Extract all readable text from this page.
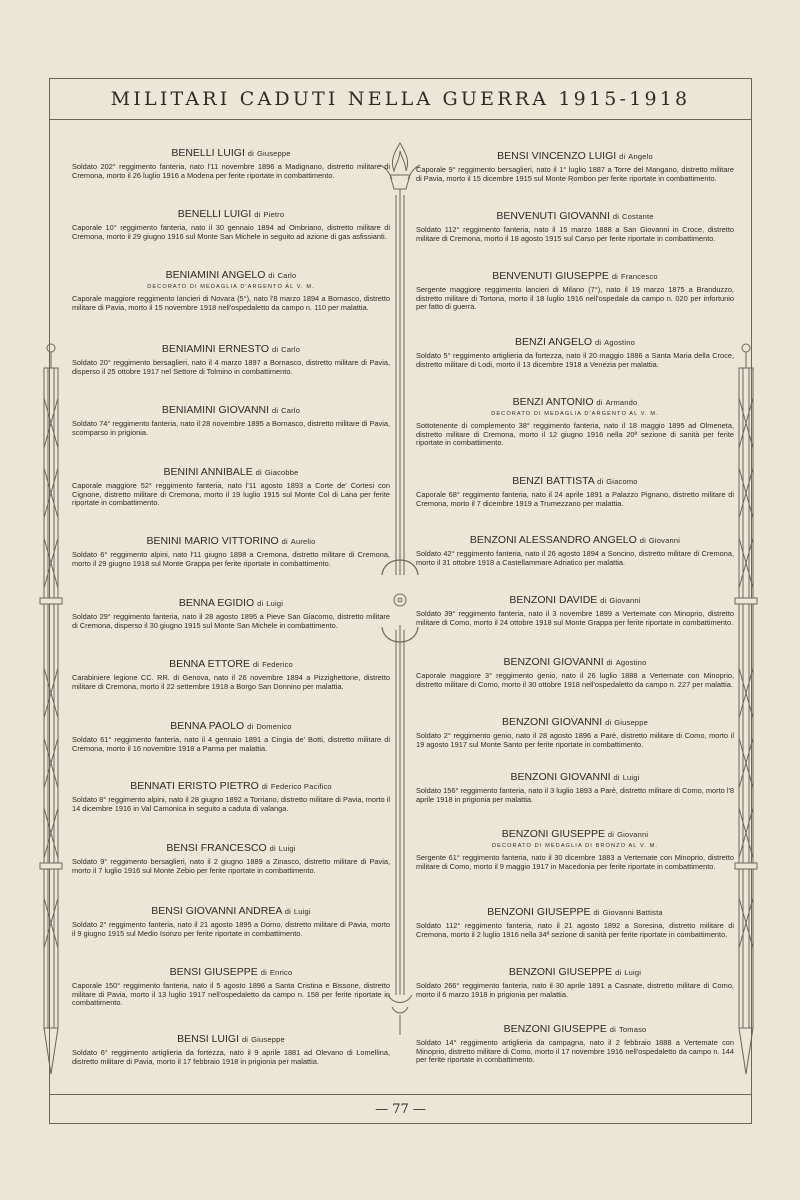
MILITARI CADUTI NELLA GUERRA 1915-1918

BENELLI LUIGI di Giuseppe

Soldato 202° reggimento fanteria, nato l'11 novembre 1896 a Madignano, distretto militare di Cremona, morto il 26 luglio 1916 a Modena per ferite riportate in combattimento.

BENELLI LUIGI di Pietro

Caporale 10° reggimento fanteria, nato il 30 gennaio 1894 ad Ombriano, distretto militare di Cremona, morto il 29 giugno 1916 sul Monte San Michele in seguito ad azione di gas asfissianti.

BENIAMINI ANGELO di Carlo

DECORATO DI MEDAGLIA D'ARGENTO AL V. M.

Caporale maggiore reggimento lancieri di Novara (5°), nato l'8 marzo 1894 a Bornasco, distretto militare di Pavia, morto il 15 novembre 1918 nell'ospedaletto da campo n. 110 per malattia.

BENIAMINI ERNESTO di Carlo

Soldato 20° reggimento bersaglieri, nato il 4 marzo 1897 a Bornasco, distretto militare di Pavia, disperso il 25 ottobre 1917 nel Settore di Tolmino in combattimento.

BENIAMINI GIOVANNI di Carlo

Soldato 74° reggimento fanteria, nato il 28 novembre 1895 a Bornasco, distretto militare di Pavia, scomparso in prigionia.

BENINI ANNIBALE di Giacobbe

Caporale maggiore 52° reggimento fanteria, nato l'11 agosto 1893 a Corte de' Cortesi con Cignone, distretto militare di Cremona, morto il 19 luglio 1915 sul Monte Col di Lana per ferite riportate in combattimento.

BENINI MARIO VITTORINO di Aurelio

Soldato 6° reggimento alpini, nato l'11 giugno 1898 a Cremona, distretto militare di Cremona, morto il 29 giugno 1918 sul Monte Grappa per ferite riportate in combattimento.

BENNA EGIDIO di Luigi

Soldato 29° reggimento fanteria, nato il 28 agosto 1895 a Pieve San Giacomo, distretto militare di Cremona, disperso il 30 giugno 1915 sul Monte San Michele in combattimento.

BENNA ETTORE di Federico

Carabiniere legione CC. RR. di Genova, nato il 26 novembre 1894 a Pizzighettone, distretto militare di Cremona, morto il 22 settembre 1918 a Borgo San Donnino per malattia.

BENNA PAOLO di Domenico

Soldato 61° reggimento fanteria, nato il 4 gennaio 1891 a Cingia de' Botti, distretto militare di Cremona, morto il 16 novembre 1918 a Parma per malattia.

BENNATI ERISTO PIETRO di Federico Pacifico

Soldato 8° reggimento alpini, nato il 28 giugno 1892 a Torriano, distretto militare di Pavia, morto il 14 dicembre 1916 in Val Camonica in seguito a caduta di valanga.

BENSI FRANCESCO di Luigi

Soldato 9° reggimento bersaglieri, nato il 2 giugno 1889 a Zinasco, distretto militare di Pavia, morto il 7 luglio 1916 sul Monte Zebio per ferite riportate in combattimento.

BENSI GIOVANNI ANDREA di Luigi

Soldato 2° reggimento fanteria, nato il 21 agosto 1895 a Dorno, distretto militare di Pavia, morto il 9 giugno 1915 sul Medio Isonzo per ferite riportate in combattimento.

BENSI GIUSEPPE di Enrico

Caporale 150° reggimento fanteria, nato il 5 agosto 1896 a Santa Cristina e Bissone, distretto militare di Pavia, morto il 13 luglio 1917 nell'ospedaletto da campo n. 158 per ferite riportate in combattimento.

BENSI LUIGI di Giuseppe

Soldato 6° reggimento artiglieria da fortezza, nato il 9 aprile 1881 ad Olevano di Lomellina, distretto militare di Pavia, morto il 17 febbraio 1918 in prigionia per malattia.

BENSI VINCENZO LUIGI di Angelo

Caporale 9° reggimento bersaglieri, nato il 1° luglio 1887 a Torre del Mangano, distretto militare di Pavia, morto il 15 dicembre 1915 sul Monte Rombon per ferite riportate in combattimento.

BENVENUTI GIOVANNI di Costante

Soldato 112° reggimento fanteria, nato il 15 marzo 1888 a San Giovanni in Croce, distretto militare di Cremona, morto il 18 agosto 1915 sul Carso per ferite riportate in combattimento.

BENVENUTI GIUSEPPE di Francesco

Sergente maggiore reggimento lancieri di Milano (7°), nato il 19 marzo 1875 a Branduzzo, distretto militare di Tortona, morto il 18 luglio 1916 nell'ospedale da campo n. 020 per infortunio per fatto di guerra.

BENZI ANGELO di Agostino

Soldato 5° reggimento artiglieria da fortezza, nato il 20 maggio 1886 a Santa Maria della Croce, distretto militare di Lodi, morto il 13 dicembre 1918 a Venezia per malattia.

BENZI ANTONIO di Armando

DECORATO DI MEDAGLIA D'ARGENTO AL V. M.

Sottotenente di complemento 38° reggimento fanteria, nato il 18 maggio 1895 ad Olmeneta, distretto militare di Cremona, morto il 12 giugno 1916 nella 20ª sezione di sanità per ferite riportate in combattimento.

BENZI BATTISTA di Giacomo

Caporale 68° reggimento fanteria, nato il 24 aprile 1891 a Palazzo Pignano, distretto militare di Cremona, morto il 7 dicembre 1919 a Trumezzano per malattia.

BENZONI ALESSANDRO ANGELO di Giovanni

Soldato 42° reggimento fanteria, nato il 26 agosto 1894 a Soncino, distretto militare di Cremona, morto il 31 ottobre 1918 a Castellammare Adriatico per malattia.

BENZONI DAVIDE di Giovanni

Soldato 39° reggimento fanteria, nato il 3 novembre 1899 a Vertemate con Minoprio, distretto militare di Como, morto il 24 ottobre 1918 sul Monte Grappa per ferite riportate in combattimento.

BENZONI GIOVANNI di Agostino

Caporale maggiore 3° reggimento genio, nato il 26 luglio 1888 a Vertemate con Minoprio, distretto militare di Como, morto il 30 ottobre 1918 nell'ospedaletto da campo n. 227 per malattia.

BENZONI GIOVANNI di Giuseppe

Soldato 2° reggimento genio, nato il 28 agosto 1896 a Parè, distretto militare di Como, morto il 19 agosto 1917 sul Monte Santo per ferite riportate in combattimento.

BENZONI GIOVANNI di Luigi

Soldato 156° reggimento fanteria, nato il 3 luglio 1893 a Parè, distretto militare di Como, morto l'8 aprile 1918 in prigionia per malattia.

BENZONI GIUSEPPE di Giovanni

DECORATO DI MEDAGLIA DI BRONZO AL V. M.

Sergente 61° reggimento fanteria, nato il 30 dicembre 1883 a Vertemate con Minoprio, distretto militare di Como, morto il 9 maggio 1917 in Macedonia per ferite riportate in combattimento.

BENZONI GIUSEPPE di Giovanni Battista

Soldato 112° reggimento fanteria, nato il 21 agosto 1892 a Soresina, distretto militare di Cremona, morto il 2 luglio 1916 nella 34ª sezione di sanità per ferite riportate in combattimento.

BENZONI GIUSEPPE di Luigi

Soldato 266° reggimento fanteria, nato il 30 aprile 1891 a Casnate, distretto militare di Como, morto il 6 marzo 1918 in prigionia per malattia.

BENZONI GIUSEPPE di Tomaso

Soldato 14° reggimento artiglieria da campagna, nato il 2 febbraio 1888 a Vertemate con Minoprio, distretto militare di Como, morto il 17 novembre 1916 nell'ospedaletto da campo n. 144 per ferite riportate in combattimento.

— 77 —
